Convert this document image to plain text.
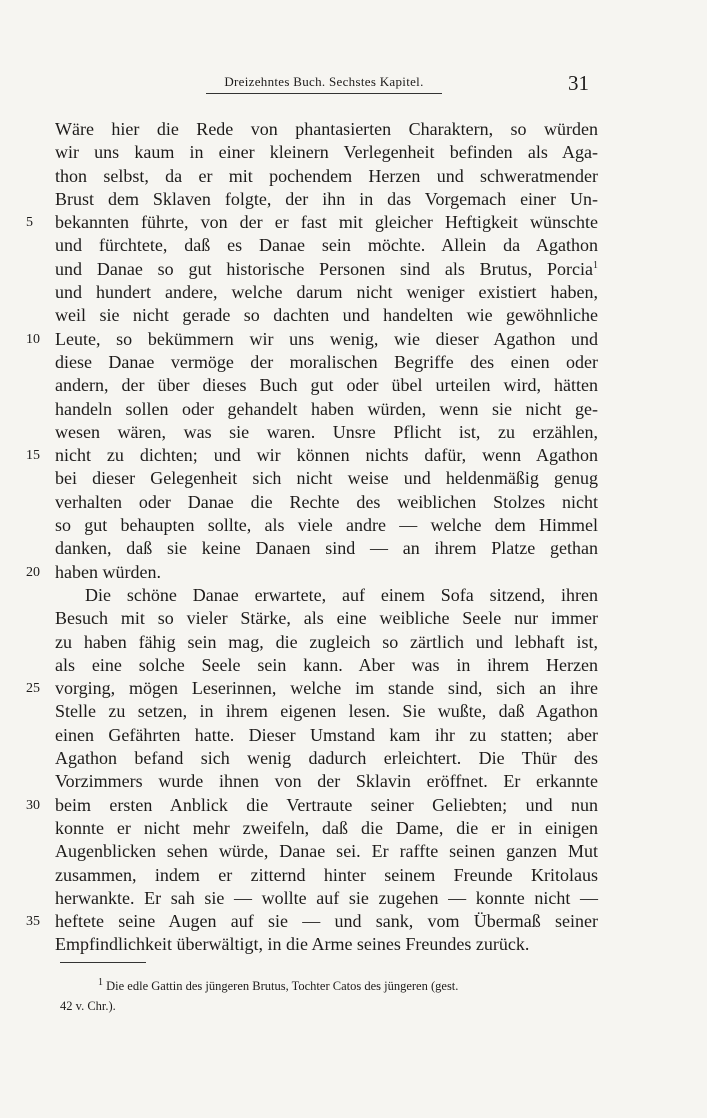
Dreizehntes Buch. Sechstes Kapitel.	31
Wäre hier die Rede von phantasierten Charaktern, so würden
wir uns kaum in einer kleinern Verlegenheit befinden als Aga-
thon selbst, da er mit pochendem Herzen und schweratmender
Brust dem Sklaven folgte, der ihn in das Vorgemach einer Un-
5	bekannten führte, von der er fast mit gleicher Heftigkeit wünschte
und fürchtete, daß es Danae sein möchte. Allein da Agathon
und Danae so gut historische Personen sind als Brutus, Porcia$^1$
und hundert andere, welche darum nicht weniger existiert haben,
weil sie nicht gerade so dachten und handelten wie gewöhnliche
10 Leute, so bekümmern wir uns wenig, wie dieser Agathon und
diese Danae vermöge der moralischen Begriffe des einen oder
andern, der über dieses Buch gut oder übel urteilen wird, hätten
handeln sollen oder gehandelt haben würden, wenn sie nicht ge-
wesen wären, was sie waren. Unsre Pflicht ist, zu erzählen,
15 nicht zu dichten; und wir können nichts dafür, wenn Agathon
bei dieser Gelegenheit sich nicht weise und heldenmäßig genug
verhalten oder Danae die Rechte des weiblichen Stolzes nicht
so gut behaupten sollte, als viele andre — welche dem Himmel
danken, daß sie keine Danaen sind — an ihrem Platze gethan
20 haben würden.
Die schöne Danae erwartete, auf einem Sofa sitzend, ihren
Besuch mit so vieler Stärke, als eine weibliche Seele nur immer
zu haben fähig sein mag, die zugleich so zärtlich und lebhaft ist,
als eine solche Seele sein kann. Aber was in ihrem Herzen
25 vorging, mögen Leserinnen, welche im stande sind, sich an ihre
Stelle zu setzen, in ihrem eigenen lesen. Sie wußte, daß Agathon
einen Gefährten hatte. Dieser Umstand kam ihr zu statten; aber
Agathon befand sich wenig dadurch erleichtert. Die Thür des
Vorzimmers wurde ihnen von der Sklavin eröffnet. Er erkannte
30 beim ersten Anblick die Vertraute seiner Geliebten; und nun
konnte er nicht mehr zweifeln, daß die Dame, die er in einigen
Augenblicken sehen würde, Danae sei. Er raffte seinen ganzen Mut
zusammen, indem er zitternd hinter seinem Freunde Kritolaus
herwankte. Er sah sie — wollte auf sie zugehen — konnte nicht —
35 heftete seine Augen auf sie — und sank, vom Übermaß seiner
Empfindlichkeit überwältigt, in die Arme seines Freundes zurück.
$^1$ Die edle Gattin des jüngeren Brutus, Tochter Catos des jüngeren (gest.
42 v. Chr.).
